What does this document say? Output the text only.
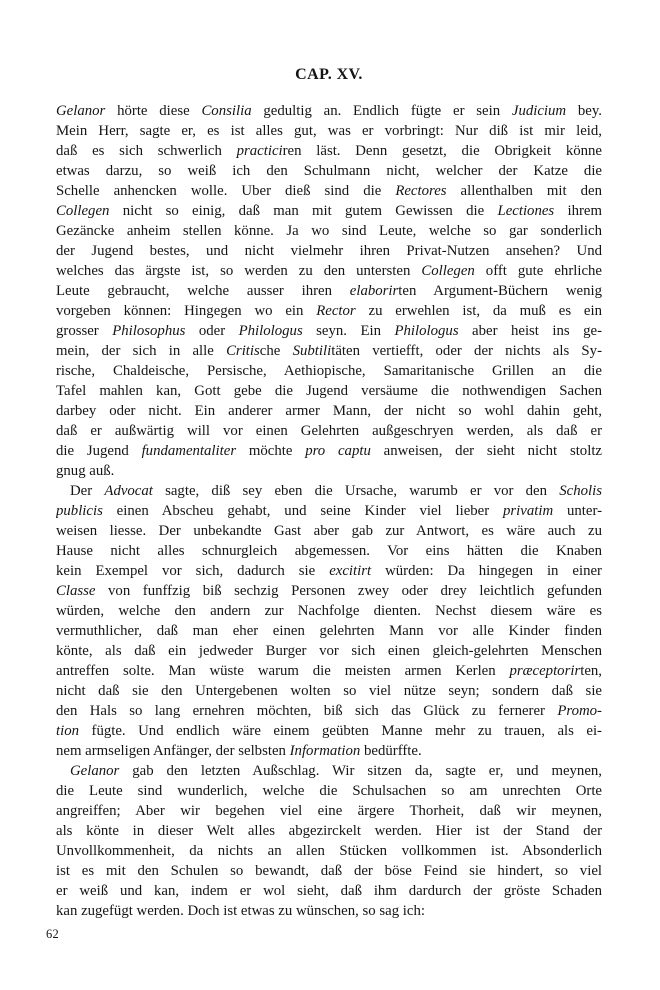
CAP. XV.
Gelanor hörte diese Consilia gedultig an. Endlich fügte er sein Judicium bey.
Mein Herr, sagte er, es ist alles gut, was er vorbringt: Nur diß ist mir leid,
daß es sich schwerlich practiciren läst. Denn gesetzt, die Obrigkeit könne
etwas darzu, so weiß ich den Schulmann nicht, welcher der Katze die
Schelle anhencken wolle. Uber dieß sind die Rectores allenthalben mit den
Collegen nicht so einig, daß man mit gutem Gewissen die Lectiones ihrem
Gezäncke anheim stellen könne. Ja wo sind Leute, welche so gar sonderlich
der Jugend bestes, und nicht vielmehr ihren Privat-Nutzen ansehen? Und
welches das ärgste ist, so werden zu den untersten Collegen offt gute ehrliche
Leute gebraucht, welche ausser ihren elaborirten Argument-Büchern wenig
vorgeben können: Hingegen wo ein Rector zu erwehlen ist, da muß es ein
grosser Philosophus oder Philologus seyn. Ein Philologus aber heist ins ge-
mein, der sich in alle Critische Subtilitäten vertiefft, oder der nichts als Sy-
rische, Chaldeische, Persische, Aethiopische, Samaritanische Grillen an die
Tafel mahlen kan, Gott gebe die Jugend versäume die nothwendigen Sachen
darbey oder nicht. Ein anderer armer Mann, der nicht so wohl dahin geht,
daß er außwärtig will vor einen Gelehrten außgeschryen werden, als daß er
die Jugend fundamentaliter möchte pro captu anweisen, der sieht nicht stoltz
gnug auß.
Der Advocat sagte, diß sey eben die Ursache, warumb er vor den Scholis
publicis einen Abscheu gehabt, und seine Kinder viel lieber privatim unter-
weisen liesse. Der unbekandte Gast aber gab zur Antwort, es wäre auch zu
Hause nicht alles schnurgleich abgemessen. Vor eins hätten die Knaben
kein Exempel vor sich, dadurch sie excitirt würden: Da hingegen in einer
Classe von funffzig biß sechzig Personen zwey oder drey leichtlich gefunden
würden, welche den andern zur Nachfolge dienten. Nechst diesem wäre es
vermuthlicher, daß man eher einen gelehrten Mann vor alle Kinder finden
könte, als daß ein jedweder Burger vor sich einen gleich-gelehrten Menschen
antreffen solte. Man wüste warum die meisten armen Kerlen præceptorirten,
nicht daß sie den Untergebenen wolten so viel nütze seyn; sondern daß sie
den Hals so lang ernehren möchten, biß sich das Glück zu fernerer Promo-
tion fügte. Und endlich wäre einem geübten Manne mehr zu trauen, als ei-
nem armseligen Anfänger, der selbsten Information bedürffte.
Gelanor gab den letzten Außschlag. Wir sitzen da, sagte er, und meynen,
die Leute sind wunderlich, welche die Schulsachen so am unrechten Orte
angreiffen; Aber wir begehen viel eine ärgere Thorheit, daß wir meynen,
als könte in dieser Welt alles abgezirckelt werden. Hier ist der Stand der
Unvollkommenheit, da nichts an allen Stücken vollkommen ist. Absonderlich
ist es mit den Schulen so bewandt, daß der böse Feind sie hindert, so viel
er weiß und kan, indem er wol sieht, daß ihm dardurch der gröste Schaden
kan zugefügt werden. Doch ist etwas zu wünschen, so sag ich:
62
